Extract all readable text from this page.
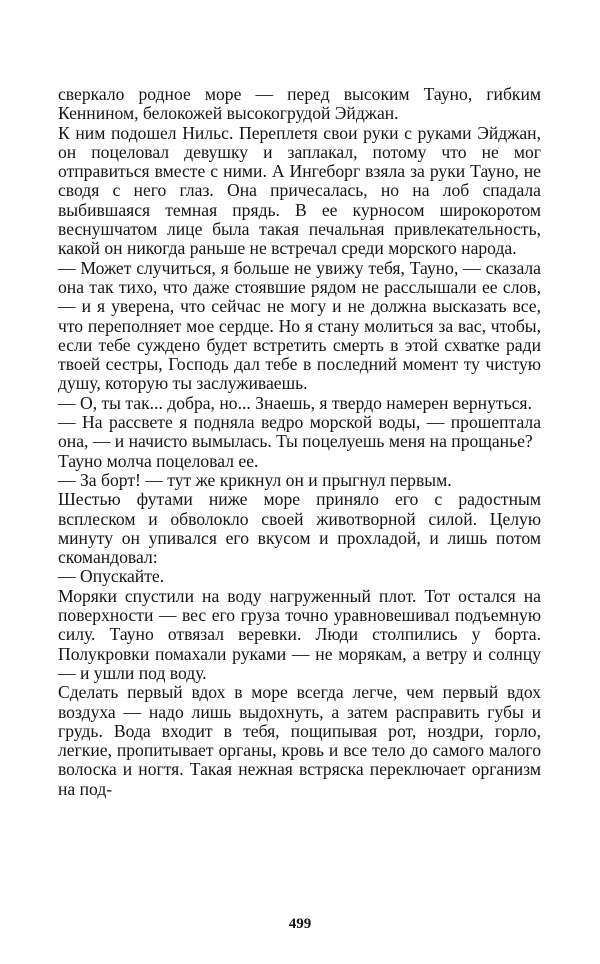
сверкало родное море — перед высоким Тауно, гибким Кеннином, белокожей высокогрудой Эйджан.

К ним подошел Нильс. Переплетя свои руки с руками Эйджан, он поцеловал девушку и заплакал, потому что не мог отправиться вместе с ними. А Ингеборг взяла за руки Тауно, не сводя с него глаз. Она причесалась, но на лоб спадала выбившаяся темная прядь. В ее курносом широкоротом веснушчатом лице была такая печальная привлекательность, какой он никогда раньше не встречал среди морского народа.

— Может случиться, я больше не увижу тебя, Тауно, — сказала она так тихо, что даже стоявшие рядом не расслышали ее слов, — и я уверена, что сейчас не могу и не должна высказать все, что переполняет мое сердце. Но я стану молиться за вас, чтобы, если тебе суждено будет встретить смерть в этой схватке ради твоей сестры, Господь дал тебе в последний момент ту чистую душу, которую ты заслуживаешь.

— О, ты так... добра, но... Знаешь, я твердо намерен вернуться.

— На рассвете я подняла ведро морской воды, — прошептала она, — и начисто вымылась. Ты поцелуешь меня на прощанье?

Тауно молча поцеловал ее.

— За борт! — тут же крикнул он и прыгнул первым.

Шестью футами ниже море приняло его с радостным всплеском и обволокло своей животворной силой. Целую минуту он упивался его вкусом и прохладой, и лишь потом скомандовал:

— Опускайте.

Моряки спустили на воду нагруженный плот. Тот остался на поверхности — вес его груза точно уравновешивал подъемную силу. Тауно отвязал веревки. Люди столпились у борта. Полукровки помахали руками — не морякам, а ветру и солнцу — и ушли под воду.

Сделать первый вдох в море всегда легче, чем первый вдох воздуха — надо лишь выдохнуть, а затем расправить губы и грудь. Вода входит в тебя, пощипывая рот, ноздри, горло, легкие, пропитывает органы, кровь и все тело до самого малого волоска и ногтя. Такая нежная встряска переключает организм на под-

499
